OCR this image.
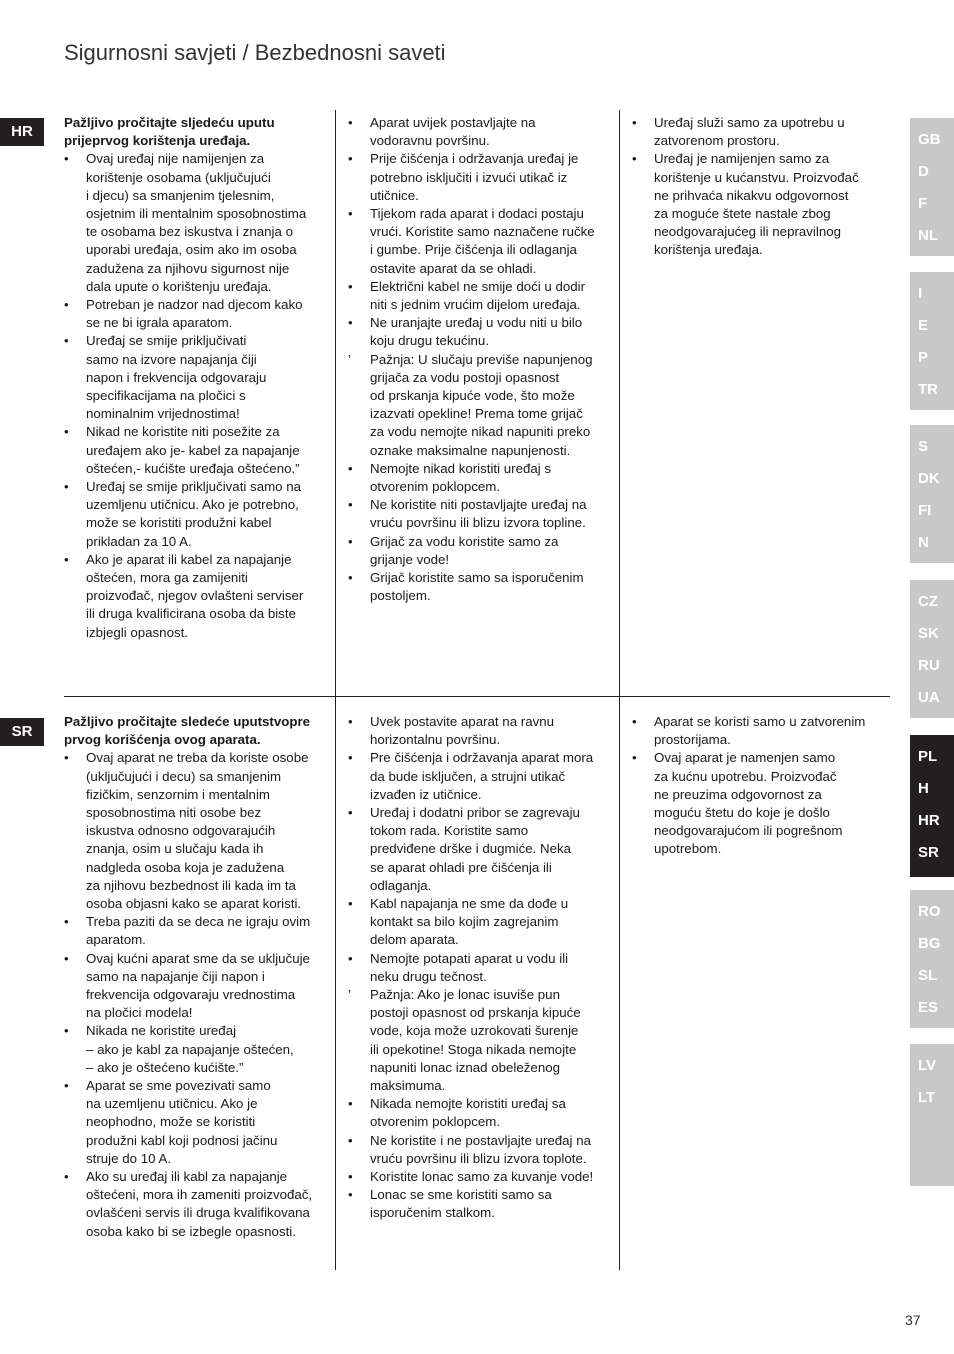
Sigurnosni savjeti / Bezbednosni saveti
HR
SR

Pažljivo pročitajte sljedeću uputu prijeprvog korištenja uređaja.

• Ovaj uređaj nije namijenjen za
korištenje osobama (uključujući
i djecu) sa smanjenim tjelesnim,
osjetnim ili mentalnim sposobnostima
te osobama bez iskustva i znanja o
uporabi uređaja, osim ako im osoba
zadužena za njihovu sigurnost nije
dala upute o korištenju uređaja.
• Potreban je nadzor nad djecom kako
se ne bi igrala aparatom.
• Uređaj se smije priključivati
samo na izvore napajanja čiji
napon i frekvencija odgovaraju
specifikacijama na pločici s
nominalnim vrijednostima!
• Nikad ne koristite niti posežite za
uređajem ako je- kabel za napajanje
oštećen,- kućište uređaja oštećeno.”
• Uređaj se smije priključivati samo na
uzemljenu utičnicu. Ako je potrebno,
može se koristiti produžni kabel
prikladan za 10 A.
• Ako je aparat ili kabel za napajanje
oštećen, mora ga zamijeniti
proizvođač, njegov ovlašteni serviser
ili druga kvalificirana osoba da biste
izbjegli opasnost.
• Aparat uvijek postavljajte na
vodoravnu površinu.
• Prije čišćenja i održavanja uređaj je
potrebno isključiti i izvući utikač iz
utičnice.
• Tijekom rada aparat i dodaci postaju
vrući. Koristite samo naznačene ručke
i gumbe. Prije čišćenja ili odlaganja
ostavite aparat da se ohladi.
• Električni kabel ne smije doći u dodir
niti s jednim vrućim dijelom uređaja.
• Ne uranjajte uređaj u vodu niti u bilo
koju drugu tekućinu.
’ Pažnja: U slučaju previše napunjenog
grijača za vodu postoji opasnost
od prskanja kipuće vode, što može
izazvati opekline! Prema tome grijač
za vodu nemojte nikad napuniti preko
oznake maksimalne napunjenosti.
• Nemojte nikad koristiti uređaj s
otvorenim poklopcem.
• Ne koristite niti postavljajte uređaj na
vruću površinu ili blizu izvora topline.
• Grijač za vodu koristite samo za
grijanje vode!
• Grijač koristite samo sa isporučenim
postoljem.
• Uređaj služi samo za upotrebu u
zatvorenom prostoru.
• Uređaj je namijenjen samo za
korištenje u kućanstvu. Proizvođač
ne prihvaća nikakvu odgovornost
za moguće štete nastale zbog
neodgovarajućeg ili nepravilnog
korištenja uređaja.

Pažljivo pročitajte sledeće uputstvopre prvog korišćenja ovog aparata.

• Ovaj aparat ne treba da koriste osobe
(uključujući i decu) sa smanjenim
fizičkim, senzornim i mentalnim
sposobnostima niti osobe bez
iskustva odnosno odgovarajućih
znanja, osim u slučaju kada ih
nadgleda osoba koja je zadužena
za njihovu bezbednost ili kada im ta
osoba objasni kako se aparat koristi.
• Treba paziti da se deca ne igraju ovim
aparatom.
• Ovaj kućni aparat sme da se uključuje
samo na napajanje čiji napon i
frekvencija odgovaraju vrednostima
na pločici modela!
• Nikada ne koristite uređaj
– ako je kabl za napajanje oštećen,
– ako je oštećeno kućište.”
• Aparat se sme povezivati samo
na uzemljenu utičnicu. Ako je
neophodno, može se koristiti
produžni kabl koji podnosi jačinu
struje do 10 A.
• Ako su uređaj ili kabl za napajanje
oštećeni, mora ih zameniti proizvođač,
ovlašćeni servis ili druga kvalifikovana
osoba kako bi se izbegle opasnosti.
• Uvek postavite aparat na ravnu
horizontalnu površinu.
• Pre čišćenja i održavanja aparat mora
da bude isključen, a strujni utikač
izvađen iz utičnice.
• Uređaj i dodatni pribor se zagrevaju
tokom rada. Koristite samo
predviđene drške i dugmiće. Neka
se aparat ohladi pre čišćenja ili
odlaganja.
• Kabl napajanja ne sme da dođe u
kontakt sa bilo kojim zagrejanim
delom aparata.
• Nemojte potapati aparat u vodu ili
neku drugu tečnost.
’ Pažnja: Ako je lonac isuviše pun
postoji opasnost od prskanja kipuće
vode, koja može uzrokovati šurenje
ili opekotine! Stoga nikada nemojte
napuniti lonac iznad obeleženog
maksimuma.
• Nikada nemojte koristiti uređaj sa
otvorenim poklopcem.
• Ne koristite i ne postavljajte uređaj na
vruću površinu ili blizu izvora toplote.
• Koristite lonac samo za kuvanje vode!
• Lonac se sme koristiti samo sa
isporučenim stalkom.
• Aparat se koristi samo u zatvorenim
prostorijama.
• Ovaj aparat je namenjen samo
za kućnu upotrebu. Proizvođač
ne preuzima odgovornost za
moguću štetu do koje je došlo
neodgovarajućom ili pogrešnom
upotrebom.
GB
D
F
NL
I
E
P
TR
S
DK
FI
N
CZ
SK
RU
UA
PL
H
HR
SR
RO
BG
SL
ES
LV
LT
37
